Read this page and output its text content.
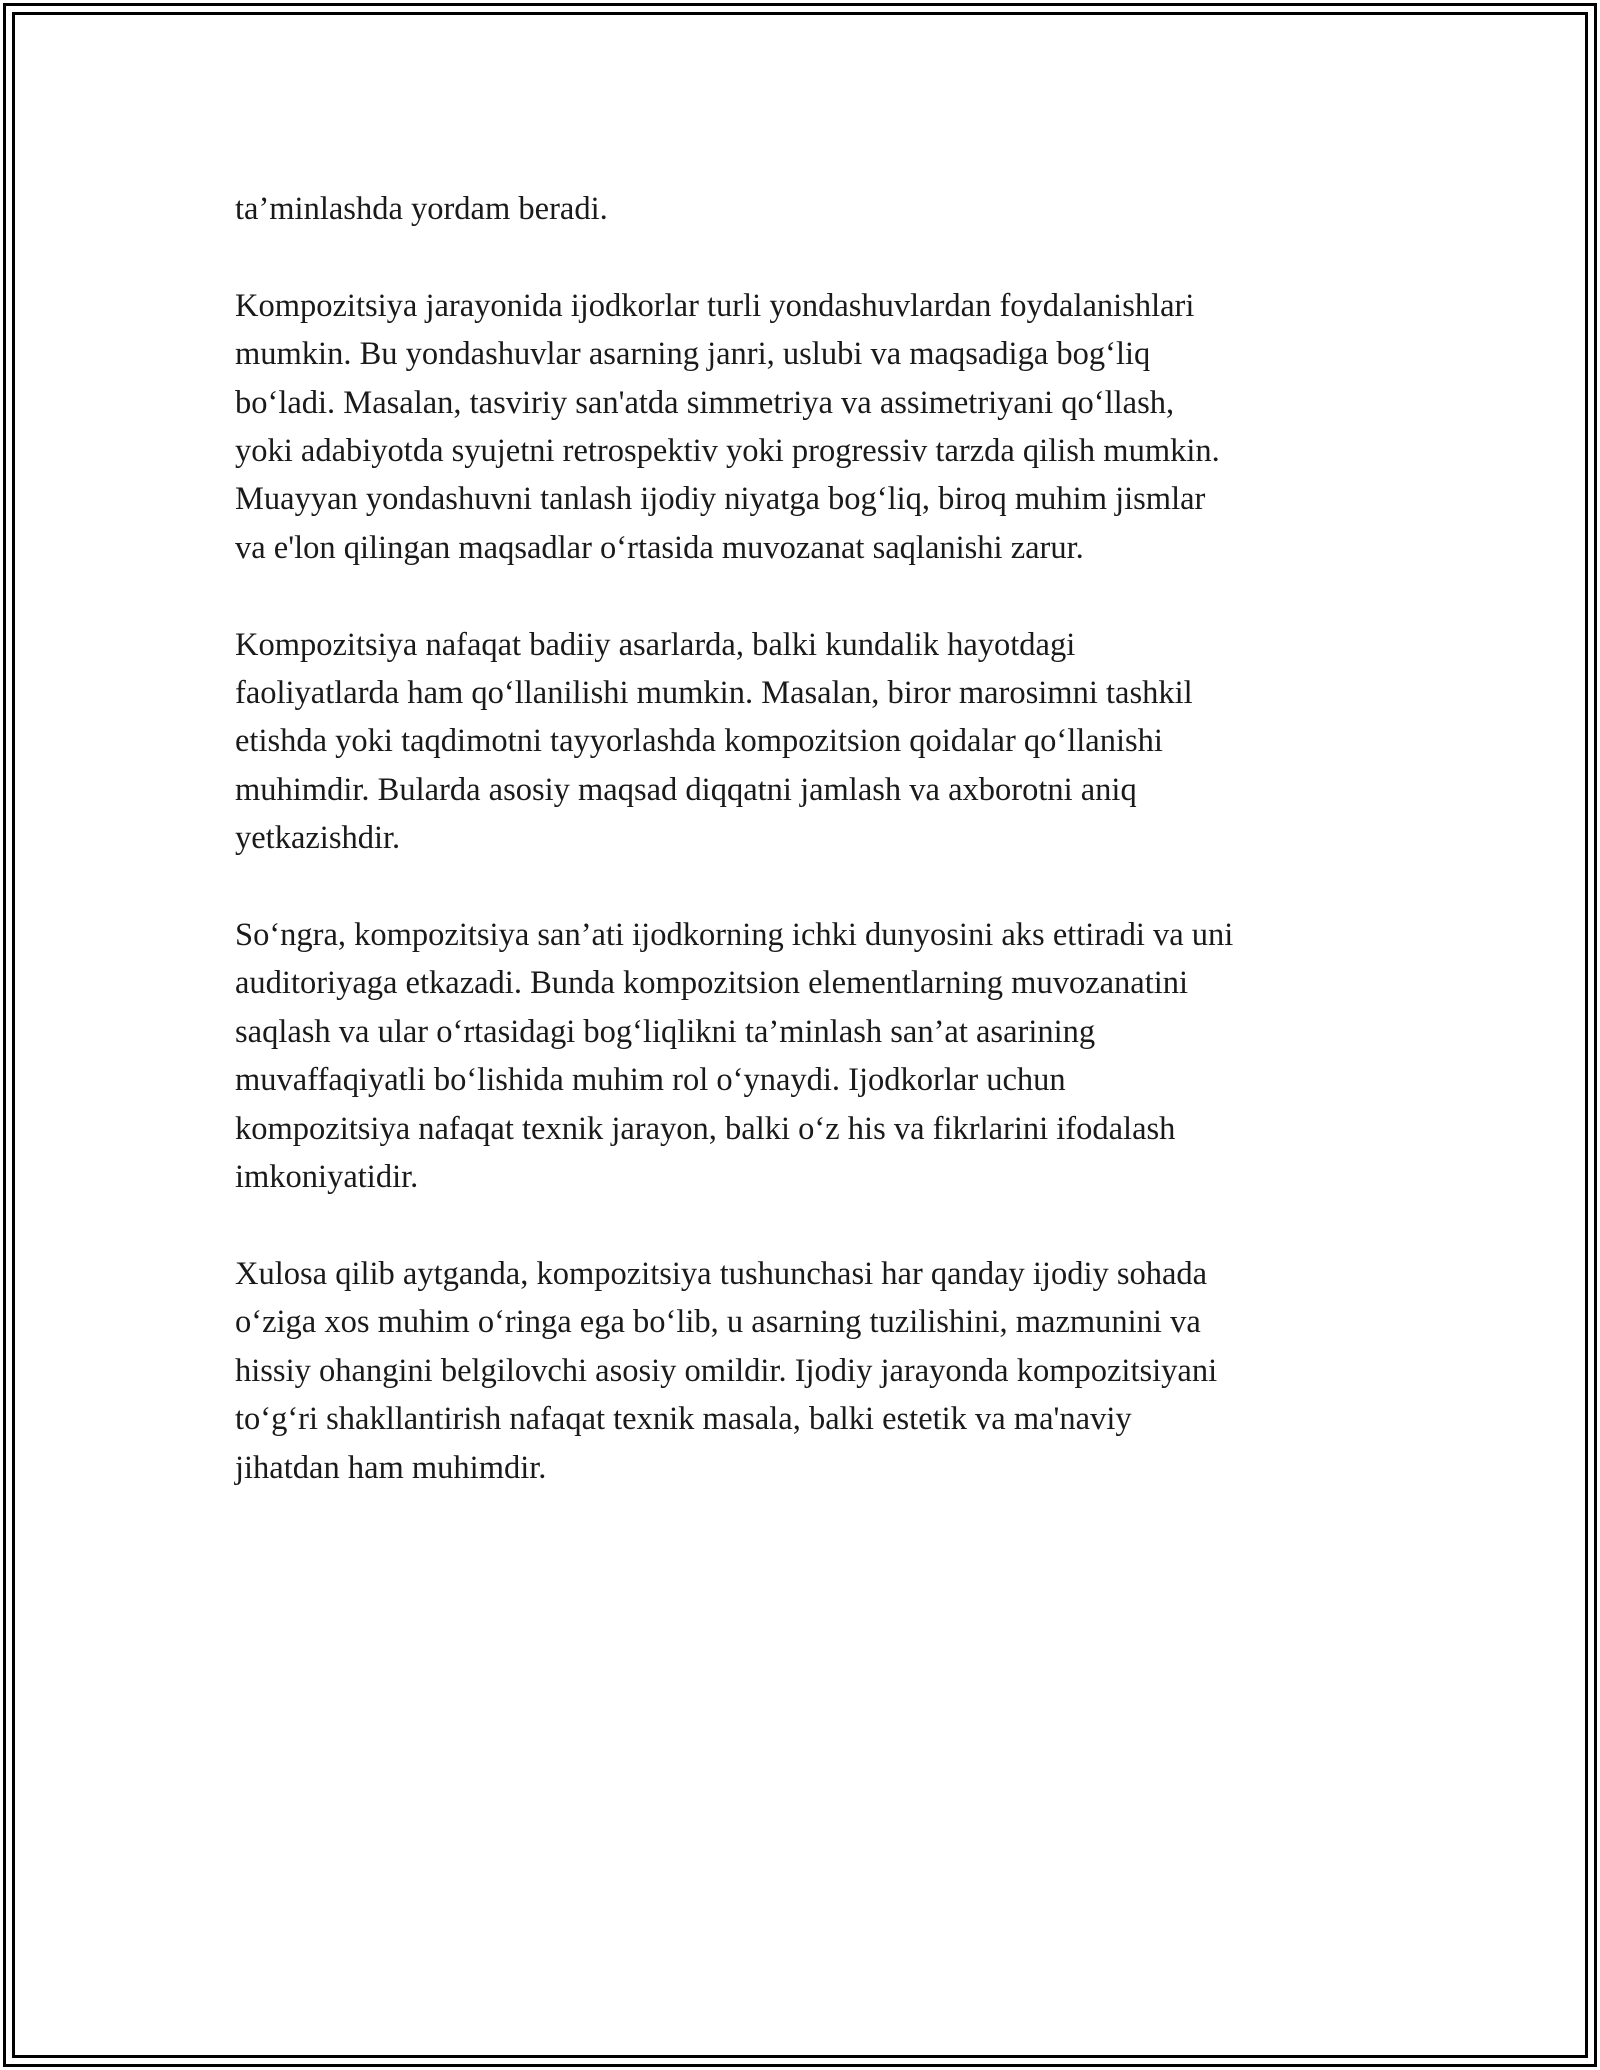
ta’minlashda yordam beradi.

Kompozitsiya jarayonida ijodkorlar turli yondashuvlardan foydalanishlari
mumkin. Bu yondashuvlar asarning janri, uslubi va maqsadiga bog‘liq
bo‘ladi. Masalan, tasviriy san'atda simmetriya va assimetriyani qo‘llash,
yoki adabiyotda syujetni retrospektiv yoki progressiv tarzda qilish mumkin.
Muayyan yondashuvni tanlash ijodiy niyatga bog‘liq, biroq muhim jismlar
va e'lon qilingan maqsadlar o‘rtasida muvozanat saqlanishi zarur.

Kompozitsiya nafaqat badiiy asarlarda, balki kundalik hayotdagi
faoliyatlarda ham qo‘llanilishi mumkin. Masalan, biror marosimni tashkil
etishda yoki taqdimotni tayyorlashda kompozitsion qoidalar qo‘llanishi
muhimdir. Bularda asosiy maqsad diqqatni jamlash va axborotni aniq
yetkazishdir.

So‘ngra, kompozitsiya san’ati ijodkorning ichki dunyosini aks ettiradi va uni
auditoriyaga etkazadi. Bunda kompozitsion elementlarning muvozanatini
saqlash va ular o‘rtasidagi bog‘liqlikni ta’minlash san’at asarining
muvaffaqiyatli bo‘lishida muhim rol o‘ynaydi. Ijodkorlar uchun
kompozitsiya nafaqat texnik jarayon, balki o‘z his va fikrlarini ifodalash
imkoniyatidir.

Xulosa qilib aytganda, kompozitsiya tushunchasi har qanday ijodiy sohada
o‘ziga xos muhim o‘ringa ega bo‘lib, u asarning tuzilishini, mazmunini va
hissiy ohangini belgilovchi asosiy omildir. Ijodiy jarayonda kompozitsiyani
to‘g‘ri shakllantirish nafaqat texnik masala, balki estetik va ma'naviy
jihatdan ham muhimdir.
